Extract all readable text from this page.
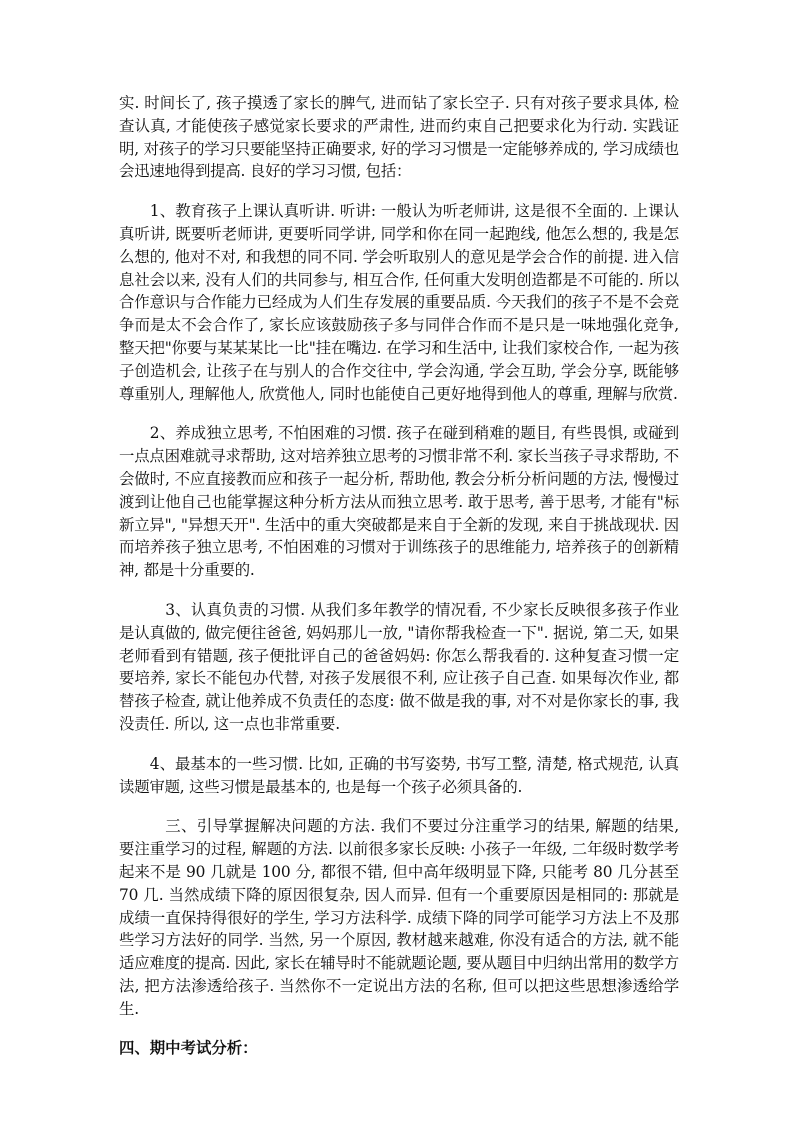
实. 时间长了, 孩子摸透了家长的脾气, 进而钻了家长空子. 只有对孩子要求具体, 检查认真, 才能使孩子感觉家长要求的严肃性, 进而约束自己把要求化为行动. 实践证明, 对孩子的学习只要能坚持正确要求, 好的学习习惯是一定能够养成的, 学习成绩也会迅速地得到提高. 良好的学习习惯, 包括：

1、教育孩子上课认真听讲. 听讲: 一般认为听老师讲, 这是很不全面的. 上课认真听讲, 既要听老师讲, 更要听同学讲, 同学和你在同一起跑线, 他怎么想的, 我是怎么想的, 他对不对, 和我想的同不同. 学会听取别人的意见是学会合作的前提. 进入信息社会以来, 没有人们的共同参与, 相互合作, 任何重大发明创造都是不可能的. 所以合作意识与合作能力已经成为人们生存发展的重要品质. 今天我们的孩子不是不会竞争而是太不会合作了, 家长应该鼓励孩子多与同伴合作而不是只是一味地强化竞争, 整天把"你要与某某某比一比"挂在嘴边. 在学习和生活中, 让我们家校合作, 一起为孩子创造机会, 让孩子在与别人的合作交往中, 学会沟通, 学会互助, 学会分享, 既能够尊重别人, 理解他人, 欣赏他人, 同时也能使自己更好地得到他人的尊重, 理解与欣赏.

2、养成独立思考, 不怕困难的习惯. 孩子在碰到稍难的题目, 有些畏惧, 或碰到一点点困难就寻求帮助, 这对培养独立思考的习惯非常不利. 家长当孩子寻求帮助, 不会做时, 不应直接教而应和孩子一起分析, 帮助他, 教会分析分析问题的方法, 慢慢过渡到让他自己也能掌握这种分析方法从而独立思考. 敢于思考, 善于思考, 才能有"标新立异", "异想天开". 生活中的重大突破都是来自于全新的发现, 来自于挑战现状. 因而培养孩子独立思考, 不怕困难的习惯对于训练孩子的思维能力, 培养孩子的创新精神, 都是十分重要的.

3、认真负责的习惯. 从我们多年教学的情况看, 不少家长反映很多孩子作业是认真做的, 做完便往爸爸, 妈妈那儿一放, "请你帮我检查一下". 据说, 第二天, 如果老师看到有错题, 孩子便批评自己的爸爸妈妈: 你怎么帮我看的. 这种复查习惯一定要培养, 家长不能包办代替, 对孩子发展很不利, 应让孩子自己查. 如果每次作业, 都替孩子检查, 就让他养成不负责任的态度: 做不做是我的事, 对不对是你家长的事, 我没责任. 所以, 这一点也非常重要.

4、最基本的一些习惯. 比如, 正确的书写姿势, 书写工整, 清楚, 格式规范, 认真读题审题, 这些习惯是最基本的, 也是每一个孩子必须具备的.

三、引导掌握解决问题的方法. 我们不要过分注重学习的结果, 解题的结果, 要注重学习的过程, 解题的方法. 以前很多家长反映: 小孩子一年级, 二年级时数学考起来不是 90 几就是 100 分, 都很不错, 但中高年级明显下降, 只能考 80 几分甚至 70 几. 当然成绩下降的原因很复杂, 因人而异. 但有一个重要原因是相同的: 那就是成绩一直保持得很好的学生, 学习方法科学. 成绩下降的同学可能学习方法上不及那些学习方法好的同学. 当然, 另一个原因, 教材越来越难, 你没有适合的方法, 就不能适应难度的提高. 因此, 家长在辅导时不能就题论题, 要从题目中归纳出常用的数学方法, 把方法渗透给孩子. 当然你不一定说出方法的名称, 但可以把这些思想渗透给学生.

四、期中考试分析：
